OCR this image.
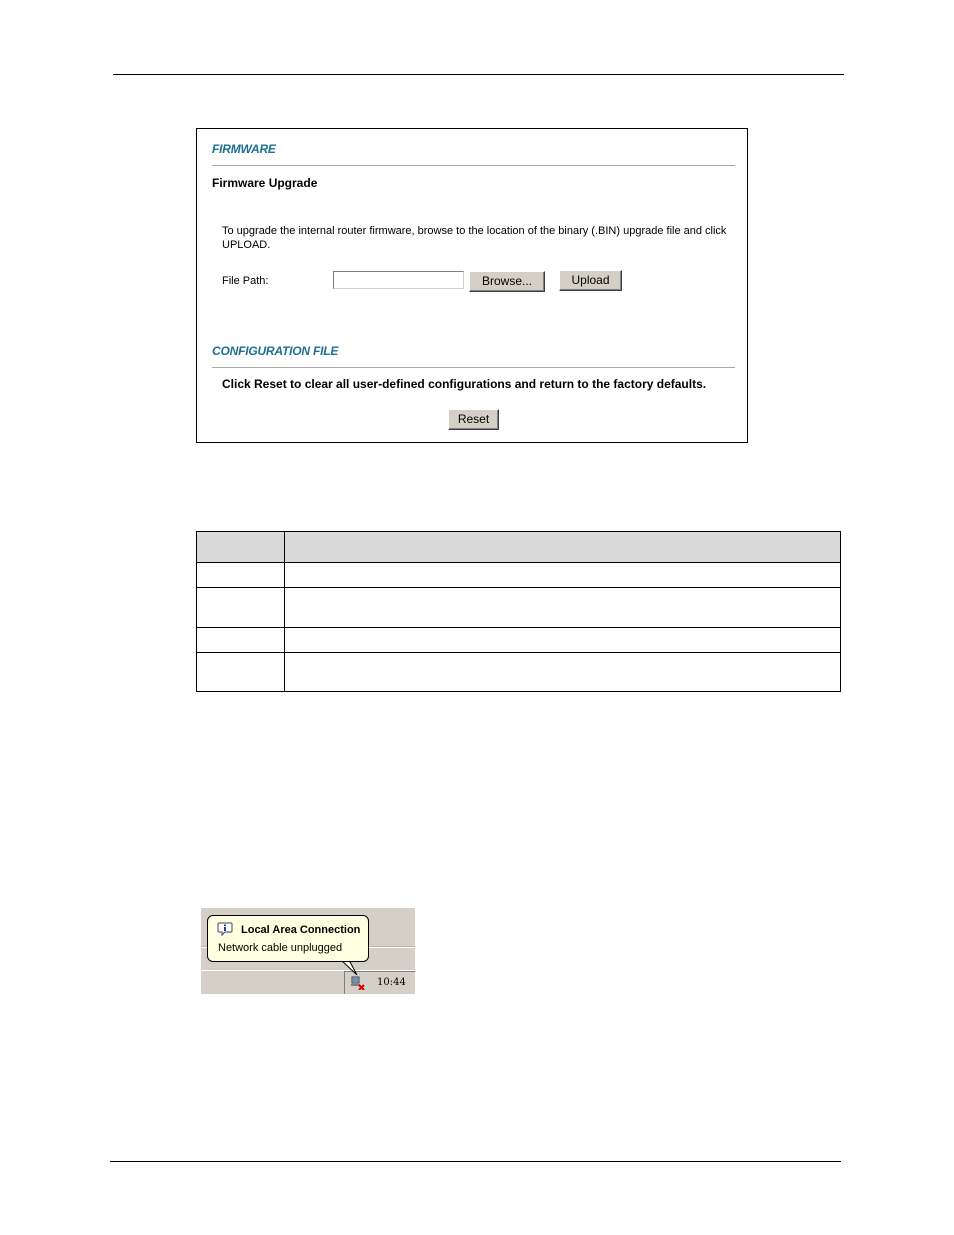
FIRMWARE
Firmware Upgrade
To upgrade the internal router firmware, browse to the location of the binary (.BIN) upgrade file and click UPLOAD.
File Path:	Browse...	Upload
CONFIGURATION FILE
Click Reset to clear all user-defined configurations and return to the factory defaults.
Reset

10:44
Local Area Connection
Network cable unplugged
